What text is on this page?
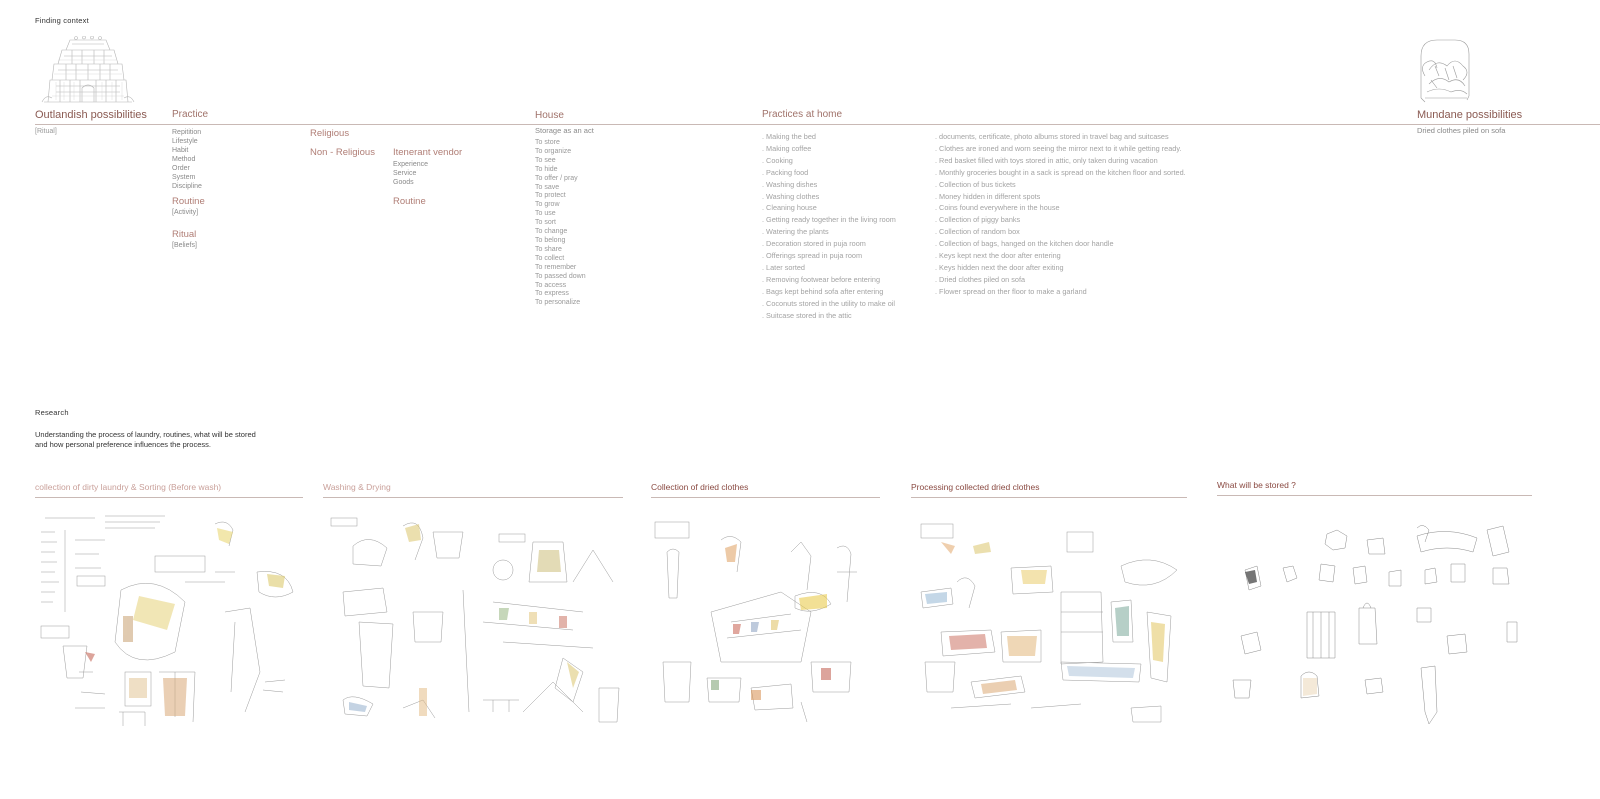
Finding context
Outlandish possibilities
[Ritual]
Practice
Repitition
Lifestyle
Habit
Method
Order
System
Discipline
Routine
[Activity]
Ritual
[Beliefs]
Religious
Non - Religious Itenerant vendor
Experience
Service
Goods
Routine
House
Storage as an act
To store
To organize
To see
To hide
To offer / pray
To save
To protect
To grow
To use
To sort
To change
To belong
To share
To collect
To remember
To passed down
To access
To express
To personalize
Practices at home
. Making the bed
. Making coffee
. Cooking
. Packing food
. Washing dishes
. Washing clothes
. Cleaning house
. Getting ready together in the living room
. Watering the plants
. Decoration stored in puja room
. Offerings spread in puja room
. Later sorted
. Removing footwear before entering
. Bags kept behind sofa after entering
. Coconuts stored in the utility to make oil
. Suitcase stored in the attic
. documents, certificate, photo albums stored in travel bag and suitcases
. Clothes are ironed and worn seeing the mirror next to it while getting ready.
. Red basket filled with toys stored in attic, only taken during vacation
. Monthly groceries bought in a sack is spread on the kitchen floor and sorted.
. Collection of bus tickets
. Money hidden in different spots
. Coins found everywhere in the house
. Collection of piggy banks
. Collection of random box
. Collection of bags, hanged on the kitchen door handle
. Keys kept next the door after entering
. Keys hidden next the door after exiting
. Dried clothes piled on sofa
. Flower spread on ther floor to make a garland
Mundane possibilities
Dried clothes piled on sofa
Research
Understanding the process of laundry, routines, what will be stored
and how personal preference influences the process.
collection of dirty laundry & Sorting (Before wash)	Washing & Drying	Collection of dried clothes	Processing collected dried clothes	What will be stored ?
